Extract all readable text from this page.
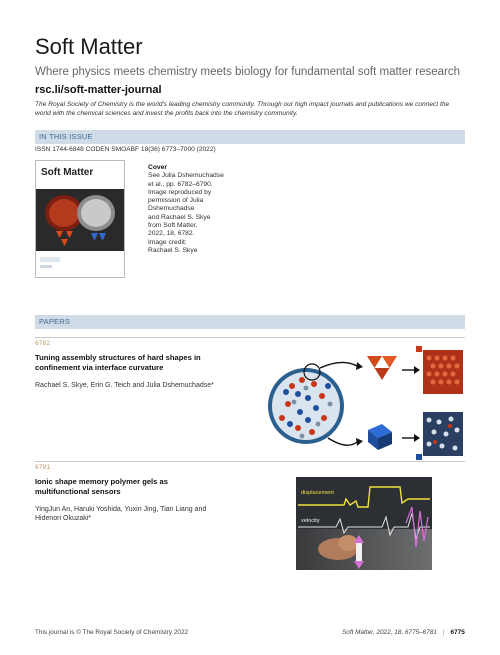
Soft Matter
Where physics meets chemistry meets biology for fundamental soft matter research
rsc.li/soft-matter-journal
The Royal Society of Chemistry is the world's leading chemistry community. Through our high impact journals and publications we connect the world with the chemical sciences and invest the profits back into the chemistry community.
IN THIS ISSUE
ISSN 1744-6848 CODEN SMOABF 18(36) 6773–7000 (2022)
Soft Matter	Cover
See Julia Dshemuchadse
et al., pp. 6782–6790.
Image reproduced by
permission of Julia
Dshemuchadse
and Rachael S. Skye
from Soft Matter,
2022, 18, 6782.
Image credit:
Rachael S. Skye
PAPERS
6782
Tuning assembly structures of hard shapes in
confinement via interface curvature
Rachael S. Skye, Erin G. Teich and Julia Dshemuchadse*
6791
Ionic shape memory polymer gels as
multifunctional sensors
YingJun An, Haruki Yoshida, Yuxin Jing, Tian Liang and
Hidenori Okuzaki*
displacement
velocity
This journal is © The Royal Society of Chemistry 2022	Soft Matter, 2022, 18, 6775–6781 | 6775
